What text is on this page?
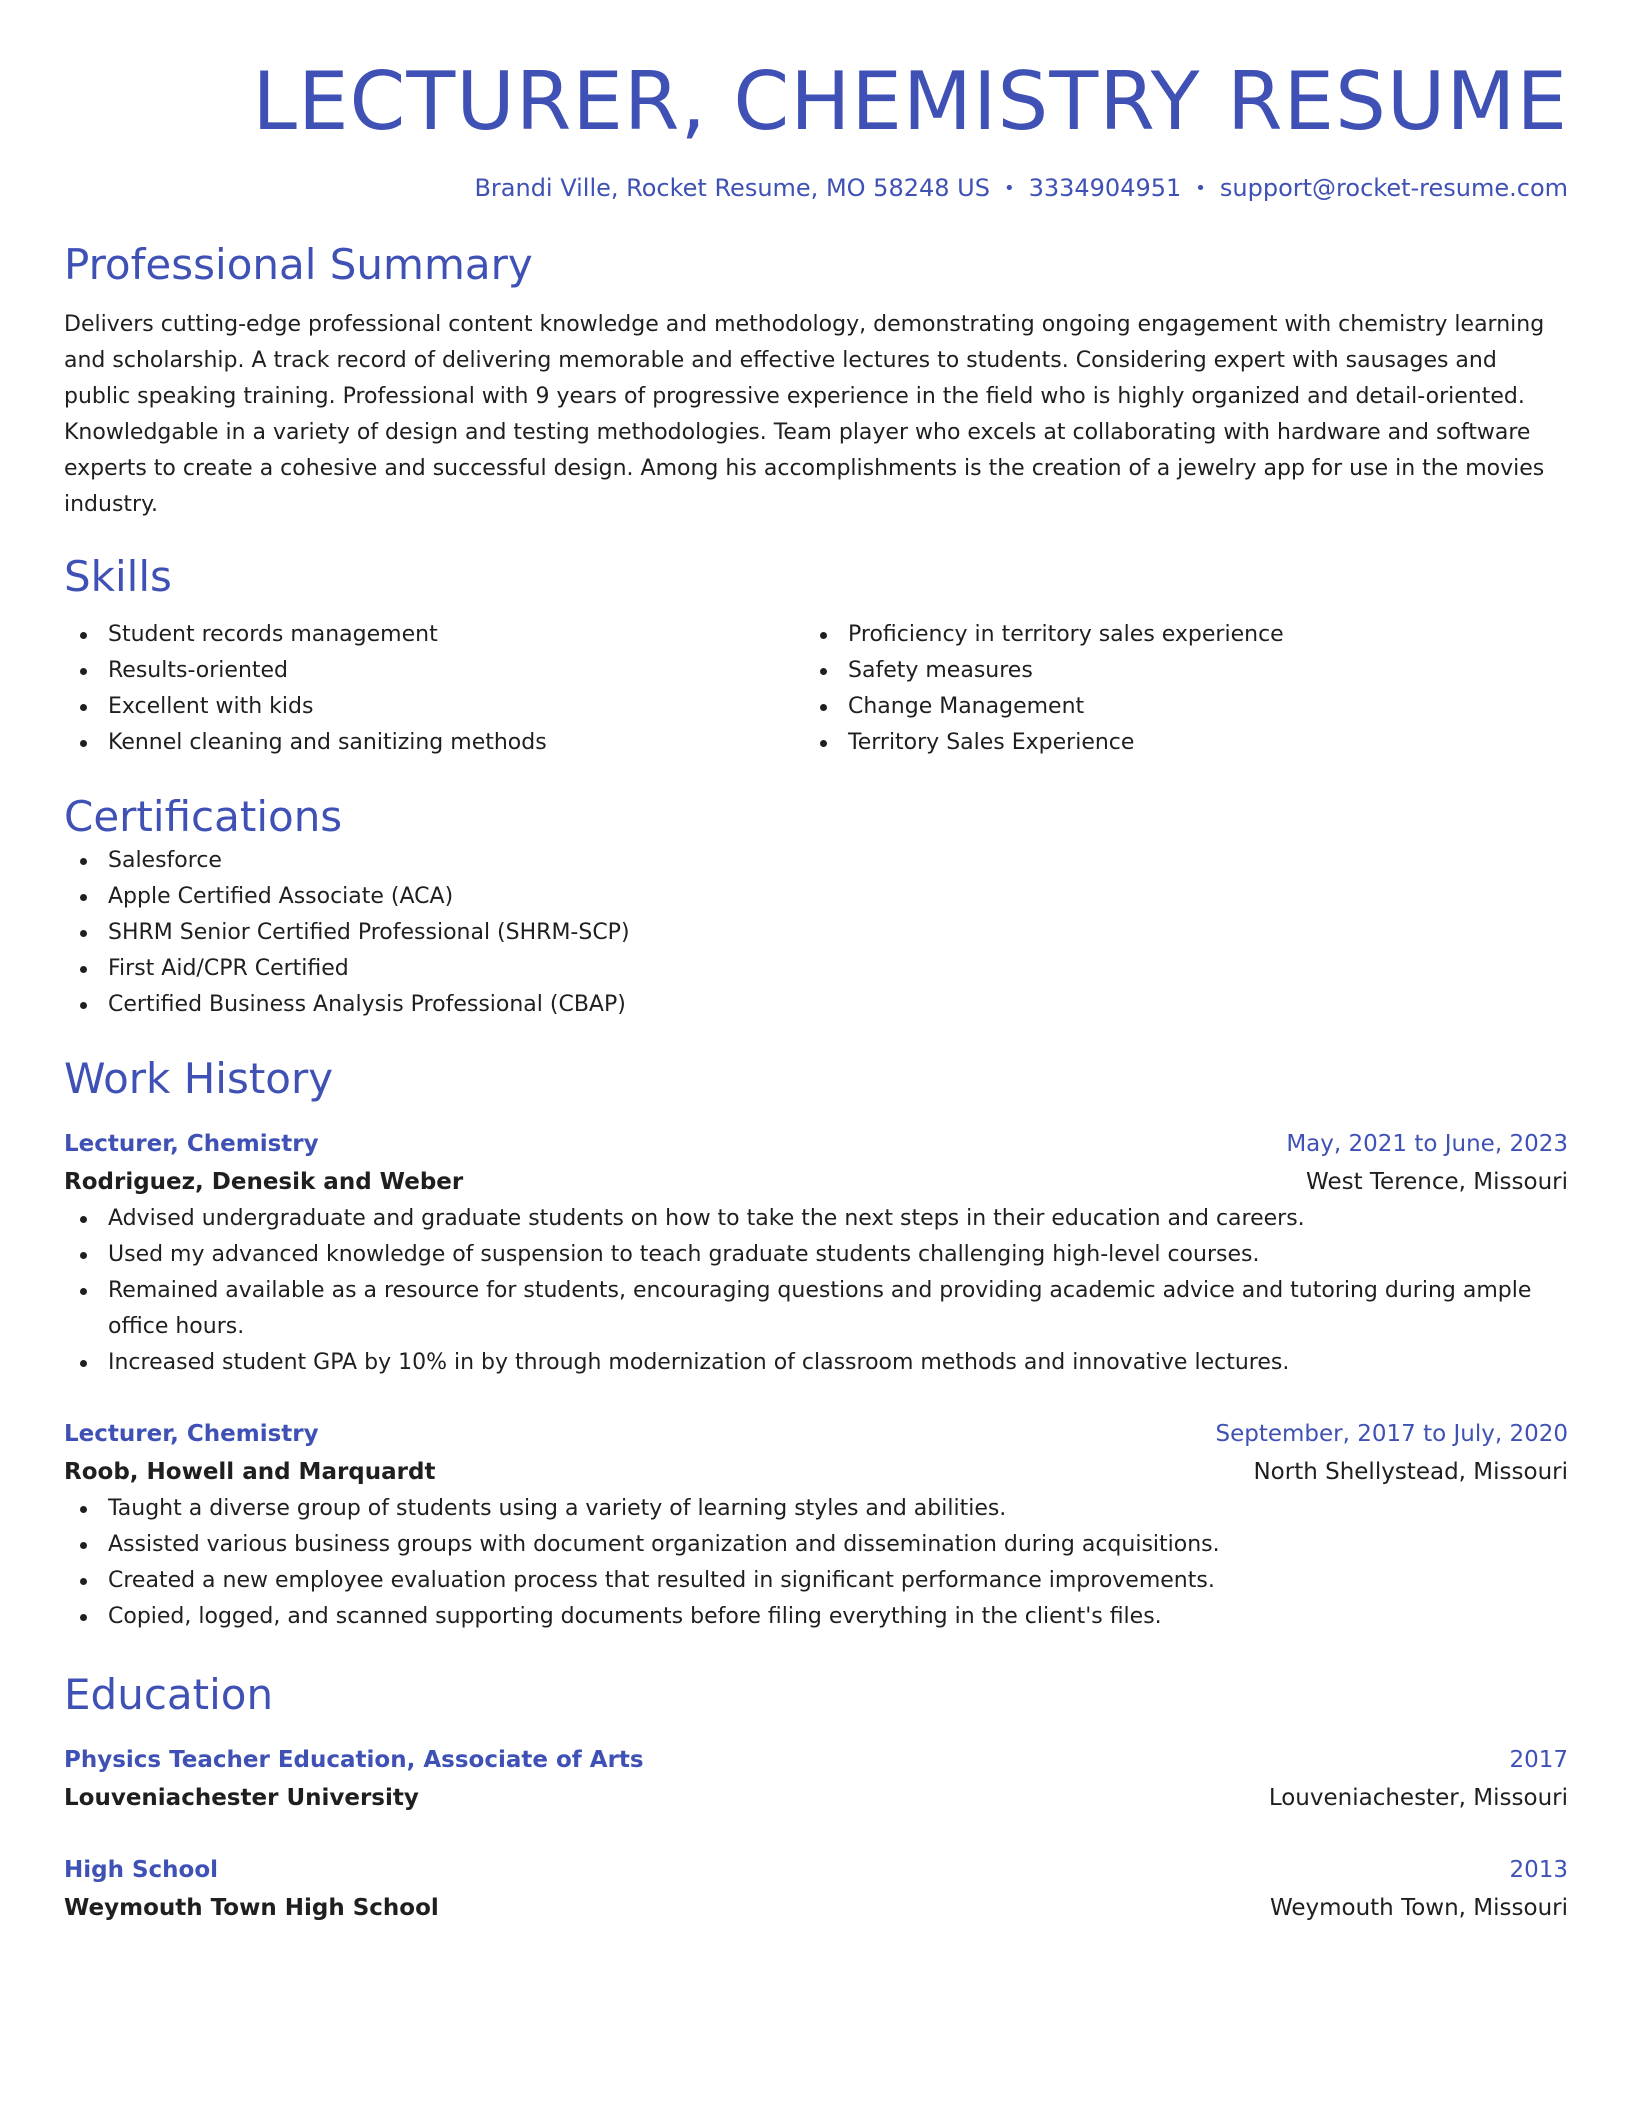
LECTURER, CHEMISTRY RESUME
Brandi Ville, Rocket Resume, MO 58248 US • 3334904951 • support@rocket-resume.com
Professional Summary

Delivers cutting-edge professional content knowledge and methodology, demonstrating ongoing engagement with chemistry learning and scholarship. A track record of delivering memorable and effective lectures to students. Considering expert with sausages and public speaking training. Professional with 9 years of progressive experience in the field who is highly organized and detail-oriented. Knowledgable in a variety of design and testing methodologies. Team player who excels at collaborating with hardware and software experts to create a cohesive and successful design. Among his accomplishments is the creation of a jewelry app for use in the movies industry.

Skills
Student records management
Results-oriented
Excellent with kids
Kennel cleaning and sanitizing methods
Proficiency in territory sales experience
Safety measures
Change Management
Territory Sales Experience
Certifications
Salesforce
Apple Certified Associate (ACA)
SHRM Senior Certified Professional (SHRM-SCP)
First Aid/CPR Certified
Certified Business Analysis Professional (CBAP)
Work History
Lecturer, Chemistry	May, 2021 to June, 2023
Rodriguez, Denesik and Weber	West Terence, Missouri
Advised undergraduate and graduate students on how to take the next steps in their education and careers.
Used my advanced knowledge of suspension to teach graduate students challenging high-level courses.
Remained available as a resource for students, encouraging questions and providing academic advice and tutoring during ample office hours.
Increased student GPA by 10% in by through modernization of classroom methods and innovative lectures.
Lecturer, Chemistry	September, 2017 to July, 2020
Roob, Howell and Marquardt	North Shellystead, Missouri
Taught a diverse group of students using a variety of learning styles and abilities.
Assisted various business groups with document organization and dissemination during acquisitions.
Created a new employee evaluation process that resulted in significant performance improvements.
Copied, logged, and scanned supporting documents before filing everything in the client's files.
Education
Physics Teacher Education, Associate of Arts	2017
Louveniachester University	Louveniachester, Missouri
High School	2013
Weymouth Town High School	Weymouth Town, Missouri
